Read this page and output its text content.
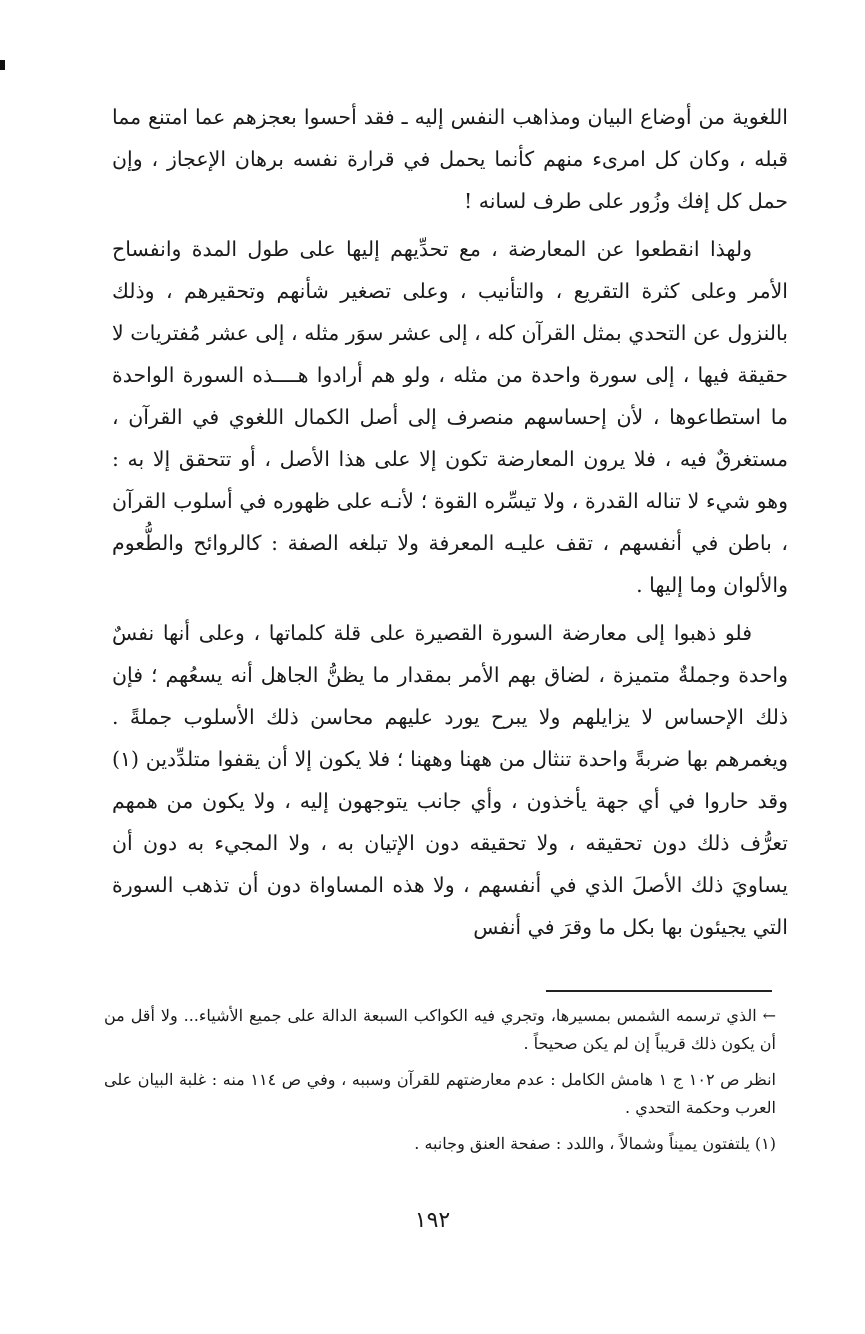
اللغوية من أوضاع البيان ومذاهب النفس إليه ـ فقد أحسوا بعجزهم عما امتنع مما قبله ، وكان كل امرىء منهم كأنما يحمل في قرارة نفسه برهان الإعجاز ، وإن حمل كل إفك وزُور على طرف لسانه !

ولهذا انقطعوا عن المعارضة ، مع تحدِّيهم إليها على طول المدة وانفساح الأمر وعلى كثرة التقريع ، والتأنيب ، وعلى تصغير شأنهم وتحقيرهم ، وذلك بالنزول عن التحدي بمثل القرآن كله ، إلى عشر سوَر مثله ، إلى عشر مُفتريات لا حقيقة فيها ، إلى سورة واحدة من مثله ، ولو هم أرادوا هــــذه السورة الواحدة ما استطاعوها ، لأن إحساسهم منصرف إلى أصل الكمال اللغوي في القرآن ، مستغرقٌ فيه ، فلا يرون المعارضة تكون إلا على هذا الأصل ، أو تتحقق إلا به : وهو شيء لا تناله القدرة ، ولا تيسِّره القوة ؛ لأنـه على ظهوره في أسلوب القرآن ، باطن في أنفسهم ، تقف عليـه المعرفة ولا تبلغه الصفة : كالروائح والطُّعوم والألوان وما إليها .

فلو ذهبوا إلى معارضة السورة القصيرة على قلة كلماتها ، وعلى أنها نفسٌ واحدة وجملةٌ متميزة ، لضاق بهم الأمر بمقدار ما يظنُّ الجاهل أنه يسعُهم ؛ فإن ذلك الإحساس لا يزايلهم ولا يبرح يورد عليهم محاسن ذلك الأسلوب جملةً . ويغمرهم بها ضربةً واحدة تنثال من ههنا وههنا ؛ فلا يكون إلا أن يقفوا متلدِّدين (١) وقد حاروا في أي جهة يأخذون ، وأي جانب يتوجهون إليه ، ولا يكون من همهم تعرُّف ذلك دون تحقيقه ، ولا تحقيقه دون الإتيان به ، ولا المجيء به دون أن يساويَ ذلك الأصلَ الذي في أنفسهم ، ولا هذه المساواة دون أن تذهب السورة التي يجيئون بها بكل ما وقرَ في أنفس

← الذي ترسمه الشمس بمسيرها، وتجري فيه الكواكب السبعة الدالة على جميع الأشياء... ولا أقل من أن يكون ذلك قريباً إن لم يكن صحيحاً .

انظر ص ١٠٢ ج ١ هامش الكامل : عدم معارضتهم للقرآن وسببه ، وفي ص ١١٤ منه : غلبة البيان على العرب وحكمة التحدي .

(١) يلتفتون يميناً وشمالاً ، واللدد : صفحة العنق وجانبه .

١٩٢
